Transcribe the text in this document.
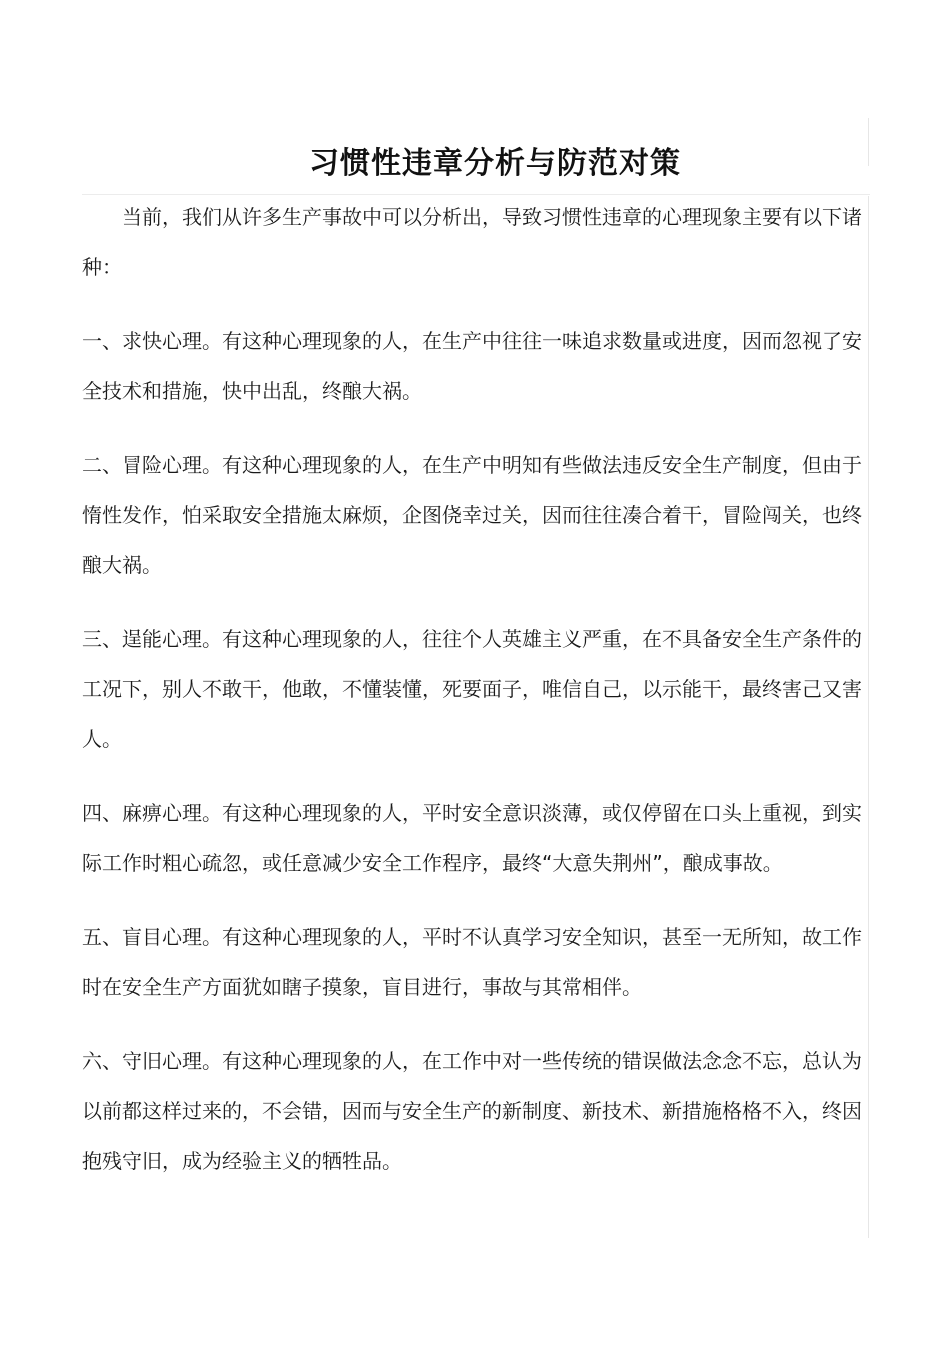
习惯性违章分析与防范对策

当前，我们从许多生产事故中可以分析出，导致习惯性违章的心理现象主要有以下诸种：

一、求快心理。有这种心理现象的人，在生产中往往一味追求数量或进度，因而忽视了安全技术和措施，快中出乱，终酿大祸。

二、冒险心理。有这种心理现象的人，在生产中明知有些做法违反安全生产制度，但由于惰性发作，怕采取安全措施太麻烦，企图侥幸过关，因而往往凑合着干，冒险闯关，也终酿大祸。

三、逞能心理。有这种心理现象的人，往往个人英雄主义严重，在不具备安全生产条件的工况下，别人不敢干，他敢，不懂装懂，死要面子，唯信自己，以示能干，最终害己又害人。

四、麻痹心理。有这种心理现象的人，平时安全意识淡薄，或仅停留在口头上重视，到实际工作时粗心疏忽，或任意减少安全工作程序，最终“大意失荆州”，酿成事故。

五、盲目心理。有这种心理现象的人，平时不认真学习安全知识，甚至一无所知，故工作时在安全生产方面犹如瞎子摸象，盲目进行，事故与其常相伴。

六、守旧心理。有这种心理现象的人，在工作中对一些传统的错误做法念念不忘，总认为以前都这样过来的，不会错，因而与安全生产的新制度、新技术、新措施格格不入，终因抱残守旧，成为经验主义的牺牲品。
